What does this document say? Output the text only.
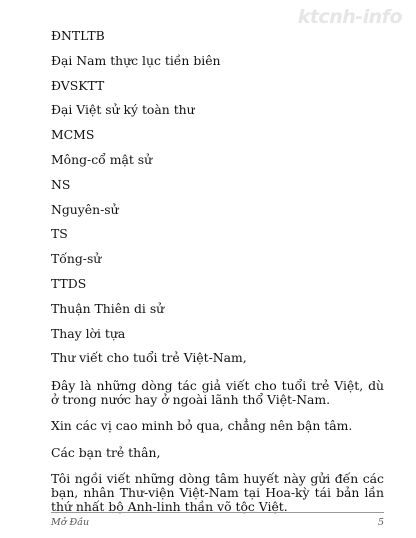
ktcnh-info
ĐNTLTB
Đại Nam thực lục tiền biên
ĐVSKTT
Đại Việt sử ký toàn thư
MCMS
Mông-cổ mật sử
NS
Nguyên-sử
TS
Tống-sử
TTDS
Thuận Thiên di sử
Thay lời tựa
Thư viết cho tuổi trẻ Việt-Nam,

Đây là những dòng tác giả viết cho tuổi trẻ Việt, dù ở trong nước hay ở ngoài lãnh thổ Việt-Nam.

Xin các vị cao minh bỏ qua, chẳng nên bận tâm.

Các bạn trẻ thân,

Tôi ngồi viết những dòng tâm huyết này gửi đến các bạn, nhân Thư-viện Việt-Nam tại Hoa-kỳ tái bản lần thứ nhất bộ Anh-linh thần võ tộc Việt.

Mở Đầu	5
